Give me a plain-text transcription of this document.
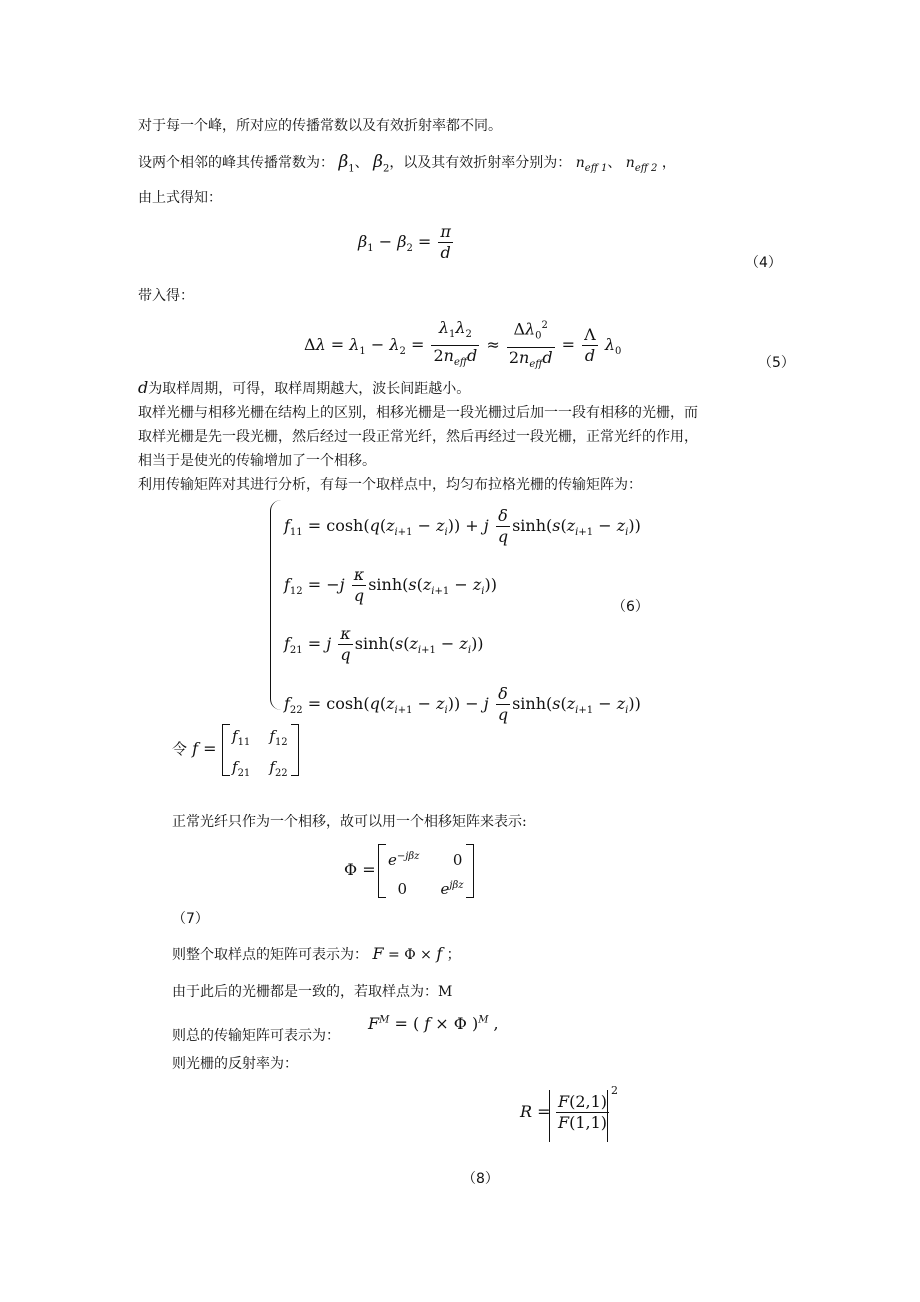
对于每一个峰，所对应的传播常数以及有效折射率都不同。
设两个相邻的峰其传播常数为： $\beta_1$、 $\beta_2$，以及其有效折射率分别为： $n_{eff 1}$、 $n_{eff 2}$ ，
由上式得知：
$\beta_1 - \beta_2 = \frac{\pi}{d}$	（4）
带入得：
$\Delta\lambda = \lambda_1 - \lambda_2 = \frac{\lambda_1\lambda_2}{2n_{eff}d} \approx \frac{\Delta\lambda_0^2}{2n_{eff}d} = \frac{\Lambda}{d} \lambda_0$
（5）
d为取样周期，可得，取样周期越大，波长间距越小。
取样光栅与相移光栅在结构上的区别，相移光栅是一段光栅过后加一一段有相移的光栅，而
取样光栅是先一段光栅，然后经过一段正常光纤，然后再经过一段光栅，正常光纤的作用，
相当于是使光的传输增加了一个相移。
利用传输矩阵对其进行分析，有每一个取样点中，均匀布拉格光栅的传输矩阵为：
$f_{11} = \cosh(q(z_{i+1} - z_i)) + j \frac{\delta}{q} \sinh(s(z_{i+1} - z_i))$
$f_{12} = -j \frac{\kappa}{q} \sinh(s(z_{i+1} - z_i))$
$f_{21} = j \frac{\kappa}{q} \sinh(s(z_{i+1} - z_i))$
$f_{22} = \cosh(q(z_{i+1} - z_i)) - j \frac{\delta}{q} \sinh(s(z_{i+1} - z_i))$
（6）
令 f =
$f_{11}$ $f_{12}$
$f_{21}$ $f_{22}$
正常光纤只作为一个相移，故可以用一个相移矩阵来表示:
$\Phi = e^{-j\beta z}$       0
0       $e^{j\beta z}$
（7）
则整个取样点的矩阵可表示为： F = Φ × f ；
由于此后的光栅都是一致的，若取样点为：M
则总的传输矩阵可表示为：
$F^M$ = ( f × Φ )$^M$ ,
则光栅的反射率为：
$R = \frac{F(2,1)}{F(1,1)}$
2
（8）
